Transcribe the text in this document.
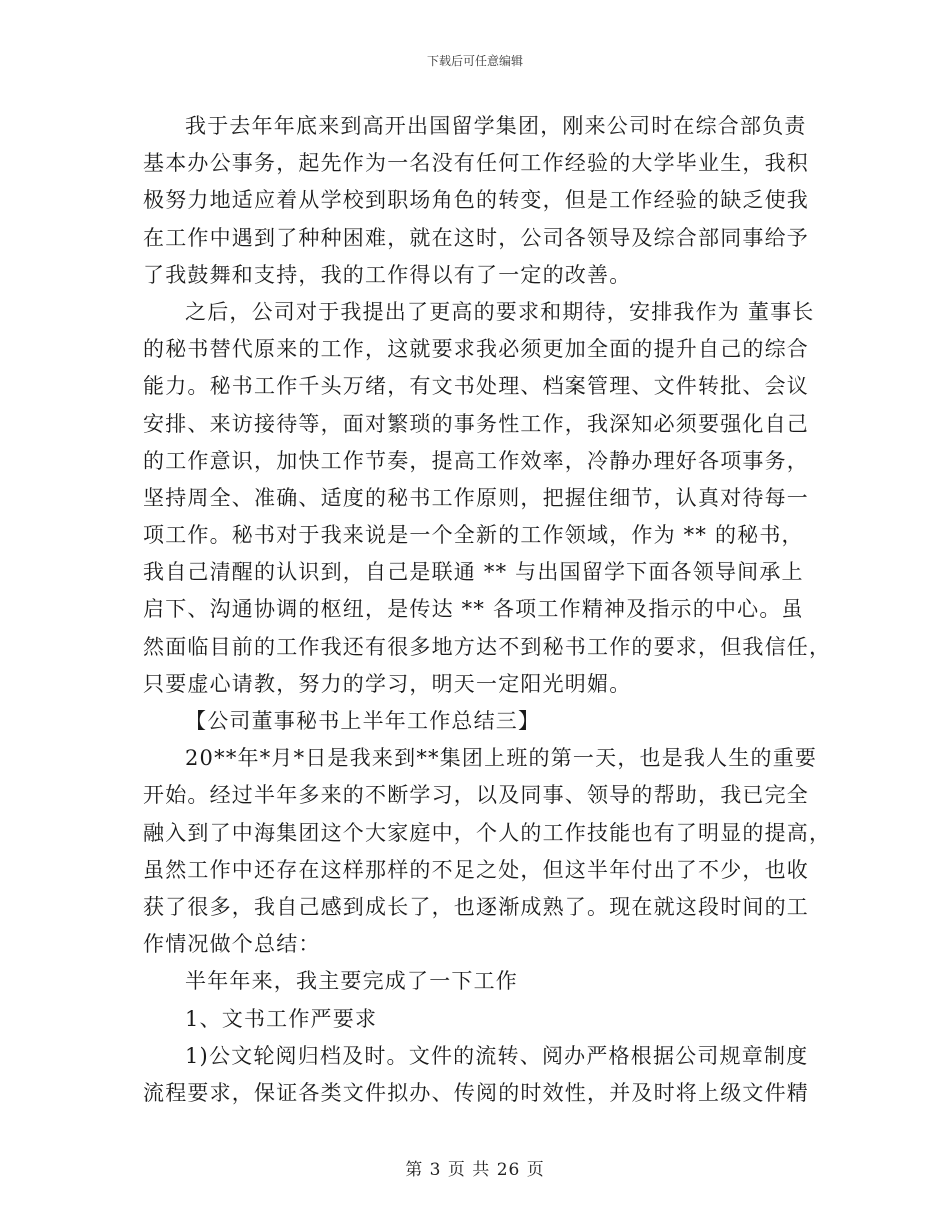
下载后可任意编辑
我于去年年底来到高开出国留学集团，刚来公司时在综合部负责
基本办公事务，起先作为一名没有任何工作经验的大学毕业生，我积
极努力地适应着从学校到职场角色的转变，但是工作经验的缺乏使我
在工作中遇到了种种困难，就在这时，公司各领导及综合部同事给予
了我鼓舞和支持，我的工作得以有了一定的改善。
之后，公司对于我提出了更高的要求和期待，安排我作为 董事长
的秘书替代原来的工作，这就要求我必须更加全面的提升自己的综合
能力。秘书工作千头万绪，有文书处理、档案管理、文件转批、会议
安排、来访接待等，面对繁琐的事务性工作，我深知必须要强化自己
的工作意识，加快工作节奏，提高工作效率，冷静办理好各项事务，
坚持周全、准确、适度的秘书工作原则，把握住细节，认真对待每一
项工作。秘书对于我来说是一个全新的工作领域，作为 ** 的秘书，
我自己清醒的认识到，自己是联通 ** 与出国留学下面各领导间承上
启下、沟通协调的枢纽，是传达 ** 各项工作精神及指示的中心。虽
然面临目前的工作我还有很多地方达不到秘书工作的要求，但我信任，
只要虚心请教，努力的学习，明天一定阳光明媚。
【公司董事秘书上半年工作总结三】
20**年*月*日是我来到**集团上班的第一天，也是我人生的重要
开始。经过半年多来的不断学习，以及同事、领导的帮助，我已完全
融入到了中海集团这个大家庭中，个人的工作技能也有了明显的提高，
虽然工作中还存在这样那样的不足之处，但这半年付出了不少，也收
获了很多，我自己感到成长了，也逐渐成熟了。现在就这段时间的工
作情况做个总结：
半年年来，我主要完成了一下工作
1、文书工作严要求
1)公文轮阅归档及时。文件的流转、阅办严格根据公司规章制度
流程要求，保证各类文件拟办、传阅的时效性，并及时将上级文件精
第 3 页 共 26 页
